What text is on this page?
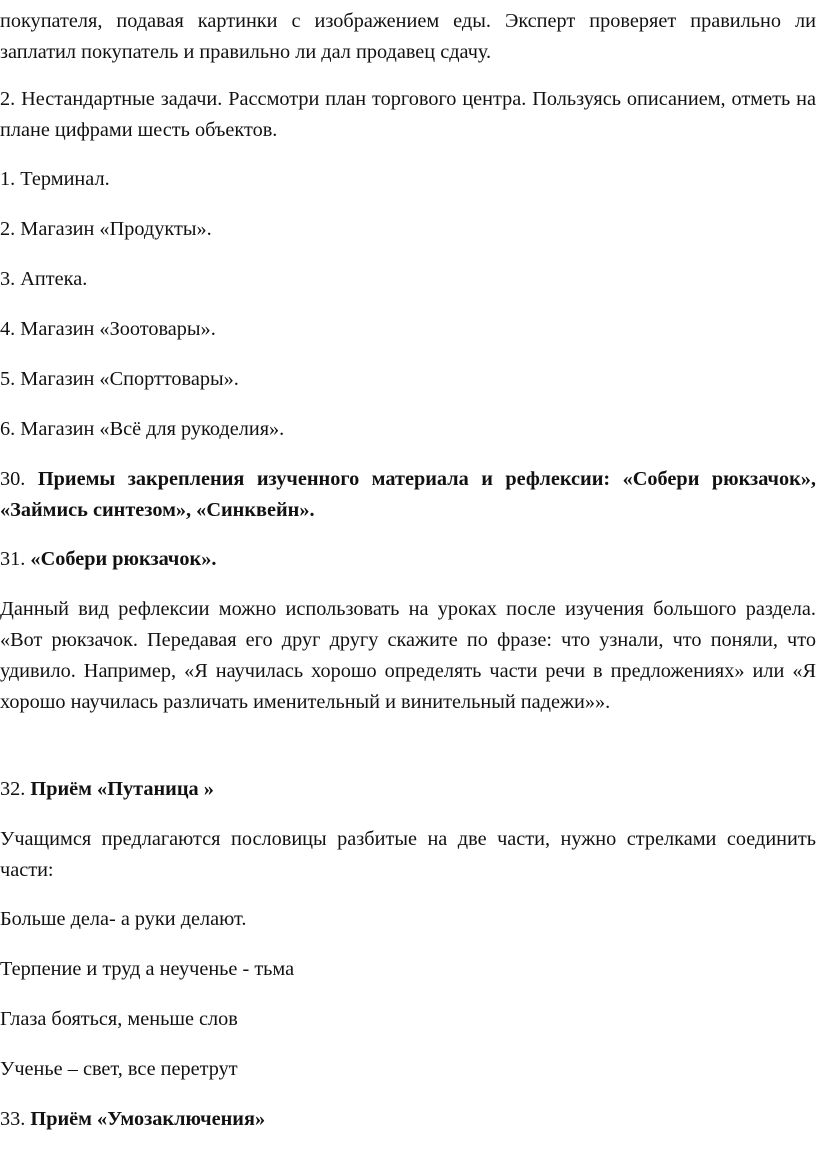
покупателя, подавая картинки с изображением еды. Эксперт проверяет правильно ли заплатил покупатель и правильно ли дал продавец сдачу.

2. Нестандартные задачи. Рассмотри план торгового центра. Пользуясь описанием, отметь на плане цифрами шесть объектов.

1. Терминал.

2. Магазин «Продукты».

3. Аптека.

4. Магазин «Зоотовары».

5. Магазин «Спорттовары».

6. Магазин «Всё для рукоделия».

30. Приемы закрепления изученного материала и рефлексии: «Собери рюкзачок», «Займись синтезом», «Синквейн».

31. «Собери рюкзачок».

Данный вид рефлексии можно использовать на уроках после изучения большого раздела. «Вот рюкзачок. Передавая его друг другу скажите по фразе: что узнали, что поняли, что удивило. Например, «Я научилась хорошо определять части речи в предложениях» или «Я хорошо научилась различать именительный и винительный падежи»».

32. Приём «Путаница »

Учащимся предлагаются пословицы разбитые на две части, нужно стрелками соединить части:

Больше дела- а руки делают.

Терпение и труд а неученье - тьма

Глаза бояться, меньше слов

Ученье – свет, все перетрут

33. Приём «Умозаключения»
